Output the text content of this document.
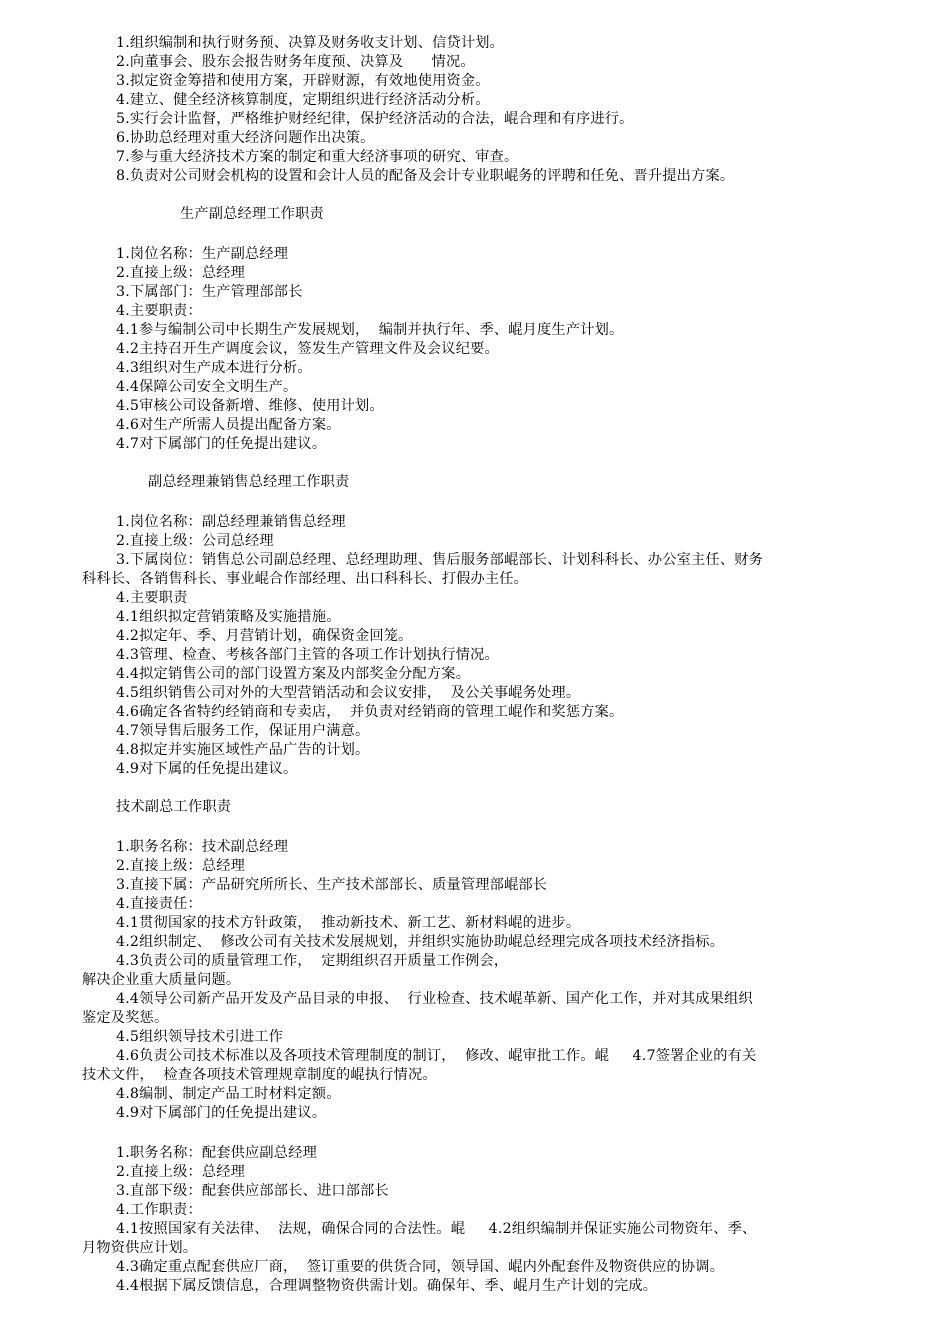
1.组织编制和执行财务预、决算及财务收支计划、信贷计划。
2.向董事会、股东会报告财务年度预、决算及      情况。
3.拟定资金筹措和使用方案，开辟财源，有效地使用资金。
4.建立、健全经济核算制度，定期组织进行经济活动分析。
5.实行会计监督，严格维护财经纪律，保护经济活动的合法，崐合理和有序进行。
6.协助总经理对重大经济问题作出决策。
7.参与重大经济技术方案的制定和重大经济事项的研究、审查。
8.负责对公司财会机构的设置和会计人员的配备及会计专业职崐务的评聘和任免、晋升提出方案。
生产副总经理工作职责
1.岗位名称：生产副总经理
2.直接上级：总经理
3.下属部门：生产管理部部长
4.主要职责：
4.1参与编制公司中长期生产发展规划，  编制并执行年、季、崐月度生产计划。
4.2主持召开生产调度会议，签发生产管理文件及会议纪要。
4.3组织对生产成本进行分析。
4.4保障公司安全文明生产。
4.5审核公司设备新增、维修、使用计划。
4.6对生产所需人员提出配备方案。
4.7对下属部门的任免提出建议。
副总经理兼销售总经理工作职责
1.岗位名称：副总经理兼销售总经理
2.直接上级：公司总经理
3.下属岗位：销售总公司副总经理、总经理助理、售后服务部崐部长、计划科科长、办公室主任、财务
科科长、各销售科长、事业崐合作部经理、出口科科长、打假办主任。
4.主要职责
4.1组织拟定营销策略及实施措施。
4.2拟定年、季、月营销计划，确保资金回笼。
4.3管理、检查、考核各部门主管的各项工作计划执行情况。
4.4拟定销售公司的部门设置方案及内部奖金分配方案。
4.5组织销售公司对外的大型营销活动和会议安排，  及公关事崐务处理。
4.6确定各省特约经销商和专卖店，  并负责对经销商的管理工崐作和奖惩方案。
4.7领导售后服务工作，保证用户满意。
4.8拟定并实施区域性产品广告的计划。
4.9对下属的任免提出建议。
技术副总工作职责
1.职务名称：技术副总经理
2.直接上级：总经理
3.直接下属：产品研究所所长、生产技术部部长、质量管理部崐部长
4.直接责任：
4.1贯彻国家的技术方针政策，  推动新技术、新工艺、新材料崐的进步。
4.2组织制定、  修改公司有关技术发展规划，并组织实施协助崐总经理完成各项技术经济指标。
4.3负责公司的质量管理工作，  定期组织召开质量工作例会，
解决企业重大质量问题。
4.4领导公司新产品开发及产品目录的申报、  行业检查、技术崐革新、国产化工作，并对其成果组织
鉴定及奖惩。
4.5组织领导技术引进工作
4.6负责公司技术标准以及各项技术管理制度的制订，  修改、崐审批工作。崐     4.7签署企业的有关
技术文件，  检查各项技术管理规章制度的崐执行情况。
4.8编制、制定产品工时材料定额。
4.9对下属部门的任免提出建议。
1.职务名称：配套供应副总经理
2.直接上级：总经理
3.直部下级：配套供应部部长、进口部部长
4.工作职责：
4.1按照国家有关法律、  法规，确保合同的合法性。崐     4.2组织编制并保证实施公司物资年、季、
月物资供应计划。
4.3确定重点配套供应厂商，  签订重要的供货合同，领导国、崐内外配套件及物资供应的协调。
4.4根据下属反馈信息，合理调整物资供需计划。确保年、季、崐月生产计划的完成。
